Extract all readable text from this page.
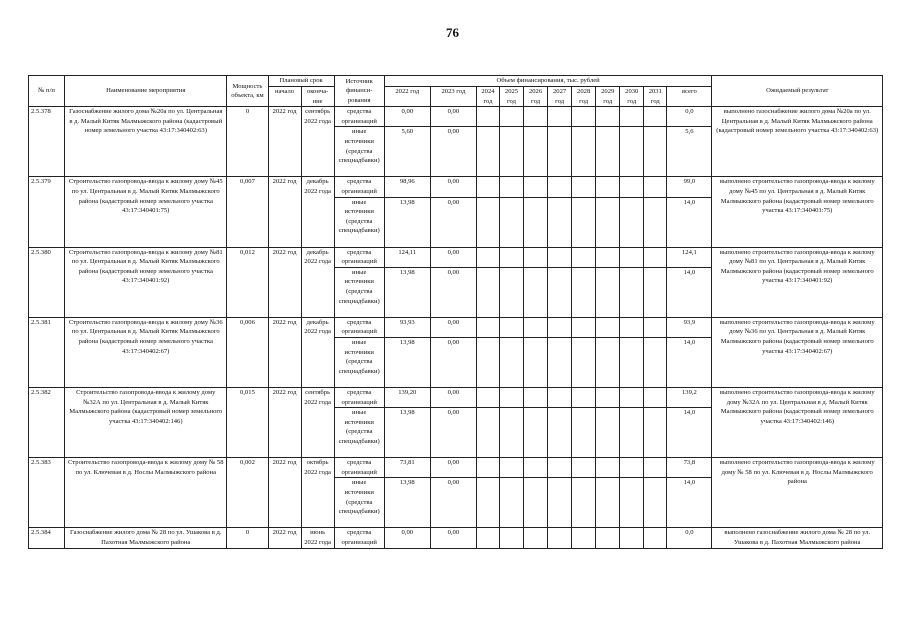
76
№ п/п	Наименование мероприятия	Мощность объекта, км	Плановый срок		Источник финанси-рования	Объем финансирования, тыс. рублей											Ожидаемый результат
			начало	оконча-ние		2022 год	2023 год	2024 год	2025 год	2026 год	2027 год	2028 год	2029 год	2030 год	2031 год	всего	

2.5.378	Газоснабжение жилого дома №20а по ул. Центральная в д. Малый Китяк Малмыжского района (кадастровый номер земельного участка 43:17:340402:63)	0	2022 год	сентябрь 2022 года	средства организаций	0,00	0,00									0,0	выполнено газоснабжение жилого дома №20а по ул. Центральная в д. Малый Китяк Малмыжского района (кадастровый номер земельного участка 43:17:340402:63)
					иные источники (средства спецнадбавки)	5,60	0,00									5,6	
2.5.379	Строительство газопровода-ввода к жилому дому №45 по ул. Центральная в д. Малый Китяк Малмыжского района (кадастровый номер земельного участка 43:17:340401:75)	0,007	2022 год	декабрь 2022 года	средства организаций	98,96	0,00									99,0	выполнено строительство газопровода-ввода к жилому дому №45 по ул. Центральная в д. Малый Китяк Малмыжского района (кадастровый номер земельного участка 43:17:340401:75)
					иные источники (средства спецнадбавки)	13,98	0,00									14,0	
2.5.380	Строительство газопровода-ввода к жилому дому №81 по ул. Центральная в д. Малый Китяк Малмыжского района (кадастровый номер земельного участка 43:17:340401:92)	0,012	2022 год	декабрь 2022 года	средства организаций	124,11	0,00									124,1	выполнено строительство газопровода-ввода к жилому дому №81 по ул. Центральная в д. Малый Китяк Малмыжского района (кадастровый номер земельного участка 43:17:340401:92)
					иные источники (средства спецнадбавки)	13,98	0,00									14,0	
2.5.381	Строительство газопровода-ввода к жилому дому №36 по ул. Центральная в д. Малый Китяк Малмыжского района (кадастровый номер земельного участка 43:17:340402:67)	0,006	2022 год	декабрь 2022 года	средства организаций	93,93	0,00									93,9	выполнено строительство газопровода-ввода к жилому дому №36 по ул. Центральная в д. Малый Китяк Малмыжского района (кадастровый номер земельного участка 43:17:340402:67)
					иные источники (средства спецнадбавки)	13,98	0,00									14,0	
2.5.382	Строительство газопровода-ввода к жилому дому №32А по ул. Центральная в д. Малый Китяк Малмыжского района (кадастровый номер земельного участка 43:17:340402:146)	0,015	2022 год	сентябрь 2022 года	средства организаций	139,20	0,00									139,2	выполнено строительство газопровода-ввода к жилому дому №32А по ул. Центральная в д. Малый Китяк Малмыжского района (кадастровый номер земельного участка 43:17:340402:146)
					иные источники (средства спецнадбавки)	13,98	0,00									14,0	
2.5.383	Строительство газопровода-ввода к жилому дому № 58 по ул. Ключевая в д. Нослы Малмыжского района	0,002	2022 год	октябрь 2022 года	средства организаций	73,81	0,00									73,8	выполнено строительство газопровода-ввода к жилому дому № 58 по ул. Ключевая в д. Нослы Малмыжского района
					иные источники (средства спецнадбавки)	13,98	0,00									14,0	
2.5.384	Газоснабжение жилого дома № 28 по ул. Ушакова в д. Пахотная Малмыжского района	0	2022 год	июнь 2022 года	средства организаций	0,00	0,00									0,0	выполнено газоснабжение жилого дома № 28 по ул. Ушакова в д. Пахотная Малмыжского района
